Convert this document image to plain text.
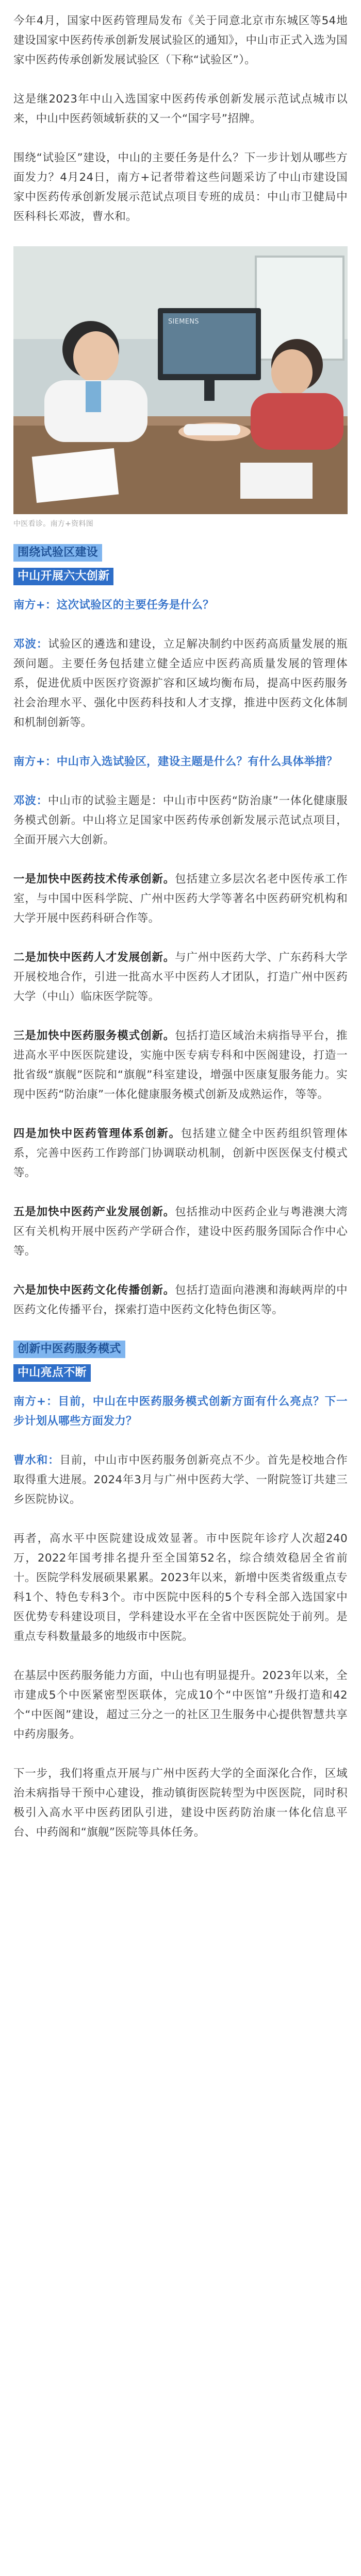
今年4月，国家中医药管理局发布《关于同意北京市东城区等54地建设国家中医药传承创新发展试验区的通知》，中山市正式入选为国家中医药传承创新发展试验区（下称“试验区”）。

这是继2023年中山入选国家中医药传承创新发展示范试点城市以来，中山中医药领域斩获的又一个“国字号”招牌。

围绕“试验区”建设，中山的主要任务是什么？下一步计划从哪些方面发力？4月24日，南方+记者带着这些问题采访了中山市建设国家中医药传承创新发展示范试点项目专班的成员：中山市卫健局中医科科长邓波，曹水和。

SIEMENS
中医看诊。南方+资料图
围绕试验区建设
中山开展六大创新

南方+：这次试验区的主要任务是什么？

邓波：试验区的遴选和建设，立足解决制约中医药高质量发展的瓶颈问题。主要任务包括建立健全适应中医药高质量发展的管理体系，促进优质中医医疗资源扩容和区域均衡布局，提高中医药服务社会治理水平、强化中医药科技和人才支撑，推进中医药文化体制和机制创新等。

南方+：中山市入选试验区，建设主题是什么？有什么具体举措？

邓波：中山市的试验主题是：中山市中医药“防治康”一体化健康服务模式创新。中山将立足国家中医药传承创新发展示范试点项目，全面开展六大创新。

一是加快中医药技术传承创新。包括建立多层次名老中医传承工作室，与中国中医科学院、广州中医药大学等著名中医药研究机构和大学开展中医药科研合作等。

二是加快中医药人才发展创新。与广州中医药大学、广东药科大学开展校地合作，引进一批高水平中医药人才团队，打造广州中医药大学（中山）临床医学院等。

三是加快中医药服务模式创新。包括打造区域治未病指导平台，推进高水平中医医院建设，实施中医专病专科和中医阁建设，打造一批省级“旗舰”医院和“旗舰”科室建设，增强中医康复服务能力。实现中医药“防治康”一体化健康服务模式创新及成熟运作，等等。

四是加快中医药管理体系创新。包括建立健全中医药组织管理体系，完善中医药工作跨部门协调联动机制，创新中医医保支付模式等。

五是加快中医药产业发展创新。包括推动中医药企业与粤港澳大湾区有关机构开展中医药产学研合作，建设中医药服务国际合作中心等。

六是加快中医药文化传播创新。包括打造面向港澳和海峡两岸的中医药文化传播平台，探索打造中医药文化特色街区等。

创新中医药服务模式
中山亮点不断

南方+：目前，中山在中医药服务模式创新方面有什么亮点？下一步计划从哪些方面发力？

曹水和：目前，中山市中医药服务创新亮点不少。首先是校地合作取得重大进展。2024年3月与广州中医药大学、一附院签订共建三乡医院协议。

再者，高水平中医院建设成效显著。市中医院年诊疗人次超240万，2022年国考排名提升至全国第52名，综合绩效稳居全省前十。医院学科发展硕果累累。2023年以来，新增中医类省级重点专科1个、特色专科3个。市中医院中医科的5个专科全部入选国家中医优势专科建设项目，学科建设水平在全省中医医院处于前列。是重点专科数量最多的地级市中医院。

在基层中医药服务能力方面，中山也有明显提升。2023年以来，全市建成5个中医紧密型医联体，完成10个“中医馆”升级打造和42个“中医阁”建设，超过三分之一的社区卫生服务中心提供智慧共享中药房服务。

下一步，我们将重点开展与广州中医药大学的全面深化合作，区域治未病指导干预中心建设，推动镇街医院转型为中医医院，同时积极引入高水平中医药团队引进，建设中医药防治康一体化信息平台、中药阁和“旗舰”医院等具体任务。
